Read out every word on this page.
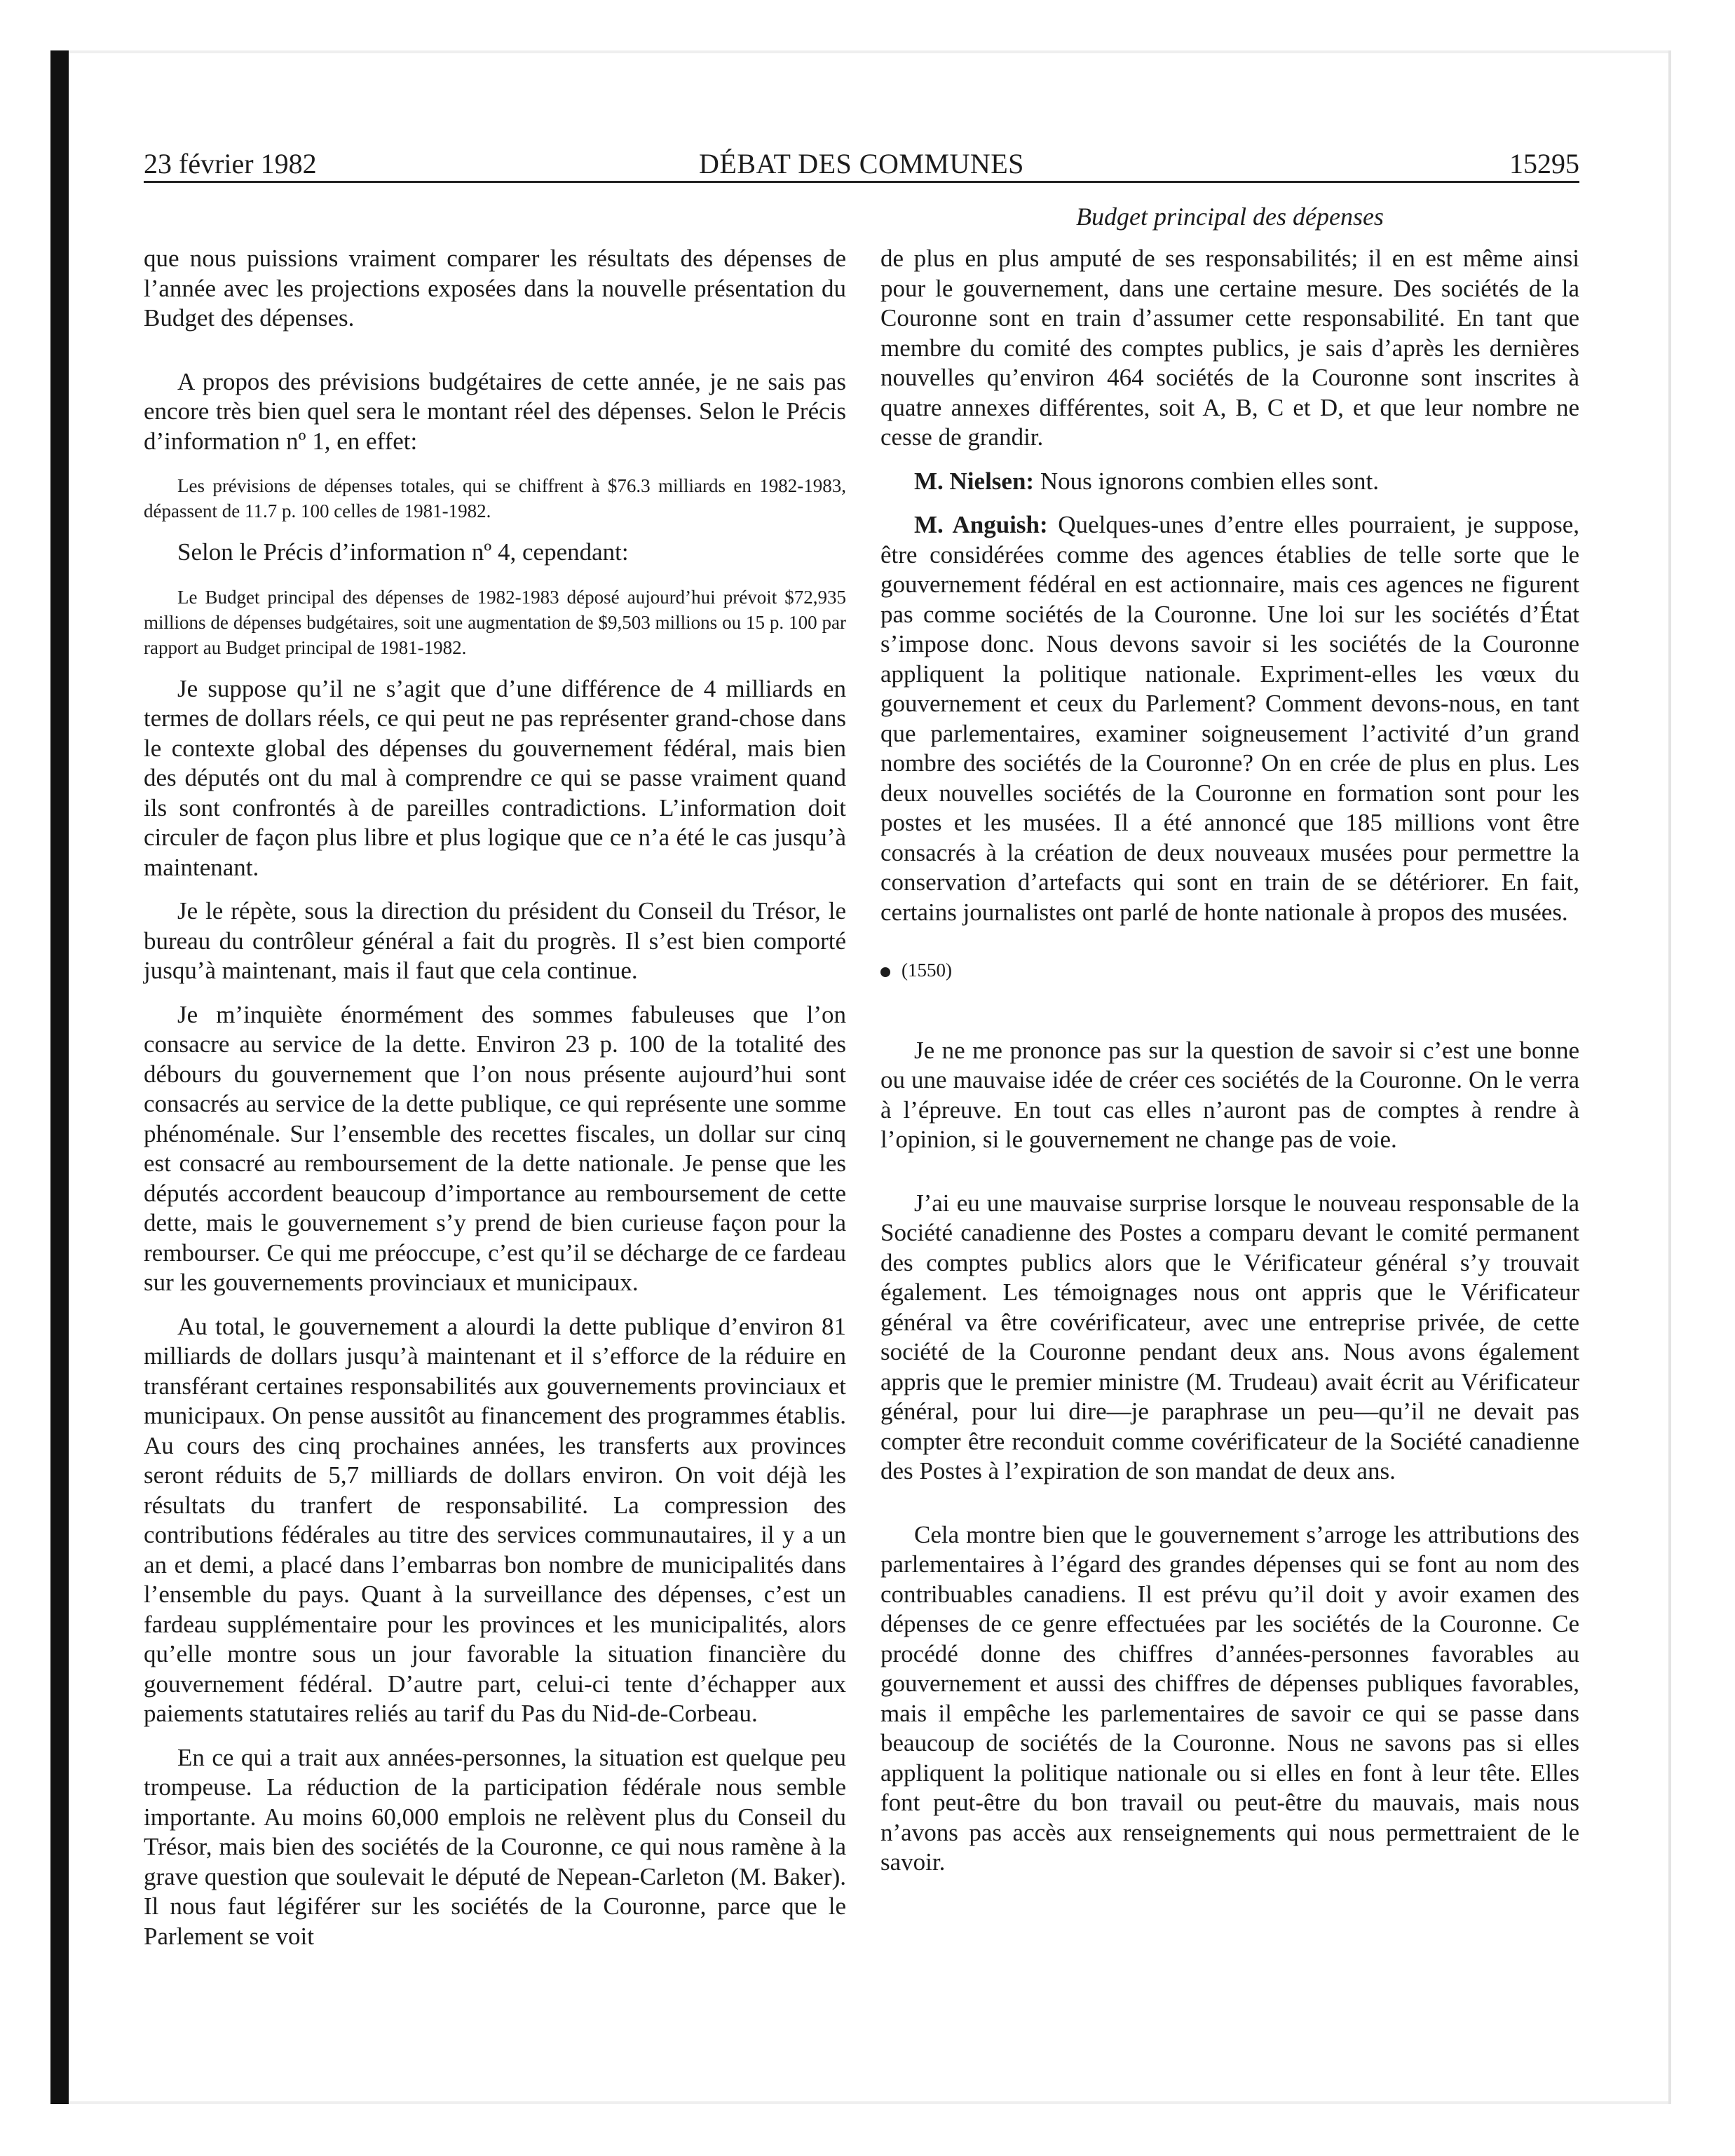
23 février 1982	DÉBAT DES COMMUNES	15295
Budget principal des dépenses

que nous puissions vraiment comparer les résultats des dépenses de l’année avec les projections exposées dans la nouvelle présentation du Budget des dépenses.

A propos des prévisions budgétaires de cette année, je ne sais pas encore très bien quel sera le montant réel des dépenses. Selon le Précis d’information nº 1, en effet:

Les prévisions de dépenses totales, qui se chiffrent à $76.3 milliards en 1982-1983, dépassent de 11.7 p. 100 celles de 1981-1982.

Selon le Précis d’information nº 4, cependant:

Le Budget principal des dépenses de 1982-1983 déposé aujourd’hui prévoit $72,935 millions de dépenses budgétaires, soit une augmentation de $9,503 millions ou 15 p. 100 par rapport au Budget principal de 1981-1982.

Je suppose qu’il ne s’agit que d’une différence de 4 milliards en termes de dollars réels, ce qui peut ne pas représenter grand-chose dans le contexte global des dépenses du gouvernement fédéral, mais bien des députés ont du mal à comprendre ce qui se passe vraiment quand ils sont confrontés à de pareilles contradictions. L’information doit circuler de façon plus libre et plus logique que ce n’a été le cas jusqu’à maintenant.

Je le répète, sous la direction du président du Conseil du Trésor, le bureau du contrôleur général a fait du progrès. Il s’est bien comporté jusqu’à maintenant, mais il faut que cela continue.

Je m’inquiète énormément des sommes fabuleuses que l’on consacre au service de la dette. Environ 23 p. 100 de la totalité des débours du gouvernement que l’on nous présente aujourd’hui sont consacrés au service de la dette publique, ce qui représente une somme phénoménale. Sur l’ensemble des recettes fiscales, un dollar sur cinq est consacré au remboursement de la dette nationale. Je pense que les députés accordent beaucoup d’importance au remboursement de cette dette, mais le gouvernement s’y prend de bien curieuse façon pour la rembourser. Ce qui me préoccupe, c’est qu’il se décharge de ce fardeau sur les gouvernements provinciaux et municipaux.

Au total, le gouvernement a alourdi la dette publique d’environ 81 milliards de dollars jusqu’à maintenant et il s’efforce de la réduire en transférant certaines responsabilités aux gouvernements provinciaux et municipaux. On pense aussitôt au financement des programmes établis. Au cours des cinq prochaines années, les transferts aux provinces seront réduits de 5,7 milliards de dollars environ. On voit déjà les résultats du tranfert de responsabilité. La compression des contributions fédérales au titre des services communautaires, il y a un an et demi, a placé dans l’embarras bon nombre de municipalités dans l’ensemble du pays. Quant à la surveillance des dépenses, c’est un fardeau supplémentaire pour les provinces et les municipalités, alors qu’elle montre sous un jour favorable la situation financière du gouvernement fédéral. D’autre part, celui-ci tente d’échapper aux paiements statutaires reliés au tarif du Pas du Nid-de-Corbeau.

En ce qui a trait aux années-personnes, la situation est quelque peu trompeuse. La réduction de la participation fédérale nous semble importante. Au moins 60,000 emplois ne relèvent plus du Conseil du Trésor, mais bien des sociétés de la Couronne, ce qui nous ramène à la grave question que soulevait le député de Nepean-Carleton (M. Baker). Il nous faut légiférer sur les sociétés de la Couronne, parce que le Parlement se voit

de plus en plus amputé de ses responsabilités; il en est même ainsi pour le gouvernement, dans une certaine mesure. Des sociétés de la Couronne sont en train d’assumer cette responsabilité. En tant que membre du comité des comptes publics, je sais d’après les dernières nouvelles qu’environ 464 sociétés de la Couronne sont inscrites à quatre annexes différentes, soit A, B, C et D, et que leur nombre ne cesse de grandir.

M. Nielsen: Nous ignorons combien elles sont.

M. Anguish: Quelques-unes d’entre elles pourraient, je suppose, être considérées comme des agences établies de telle sorte que le gouvernement fédéral en est actionnaire, mais ces agences ne figurent pas comme sociétés de la Couronne. Une loi sur les sociétés d’État s’impose donc. Nous devons savoir si les sociétés de la Couronne appliquent la politique nationale. Expriment-elles les vœux du gouvernement et ceux du Parlement? Comment devons-nous, en tant que parlementaires, examiner soigneusement l’activité d’un grand nombre des sociétés de la Couronne? On en crée de plus en plus. Les deux nouvelles sociétés de la Couronne en formation sont pour les postes et les musées. Il a été annoncé que 185 millions vont être consacrés à la création de deux nouveaux musées pour permettre la conservation d’artefacts qui sont en train de se détériorer. En fait, certains journalistes ont parlé de honte nationale à propos des musées.

(1550)

Je ne me prononce pas sur la question de savoir si c’est une bonne ou une mauvaise idée de créer ces sociétés de la Couronne. On le verra à l’épreuve. En tout cas elles n’auront pas de comptes à rendre à l’opinion, si le gouvernement ne change pas de voie.

J’ai eu une mauvaise surprise lorsque le nouveau responsable de la Société canadienne des Postes a comparu devant le comité permanent des comptes publics alors que le Vérificateur général s’y trouvait également. Les témoignages nous ont appris que le Vérificateur général va être covérificateur, avec une entreprise privée, de cette société de la Couronne pendant deux ans. Nous avons également appris que le premier ministre (M. Trudeau) avait écrit au Vérificateur général, pour lui dire—je paraphrase un peu—qu’il ne devait pas compter être reconduit comme covérificateur de la Société canadienne des Postes à l’expiration de son mandat de deux ans.

Cela montre bien que le gouvernement s’arroge les attributions des parlementaires à l’égard des grandes dépenses qui se font au nom des contribuables canadiens. Il est prévu qu’il doit y avoir examen des dépenses de ce genre effectuées par les sociétés de la Couronne. Ce procédé donne des chiffres d’années-personnes favorables au gouvernement et aussi des chiffres de dépenses publiques favorables, mais il empêche les parlementaires de savoir ce qui se passe dans beaucoup de sociétés de la Couronne. Nous ne savons pas si elles appliquent la politique nationale ou si elles en font à leur tête. Elles font peut-être du bon travail ou peut-être du mauvais, mais nous n’avons pas accès aux renseignements qui nous permettraient de le savoir.
